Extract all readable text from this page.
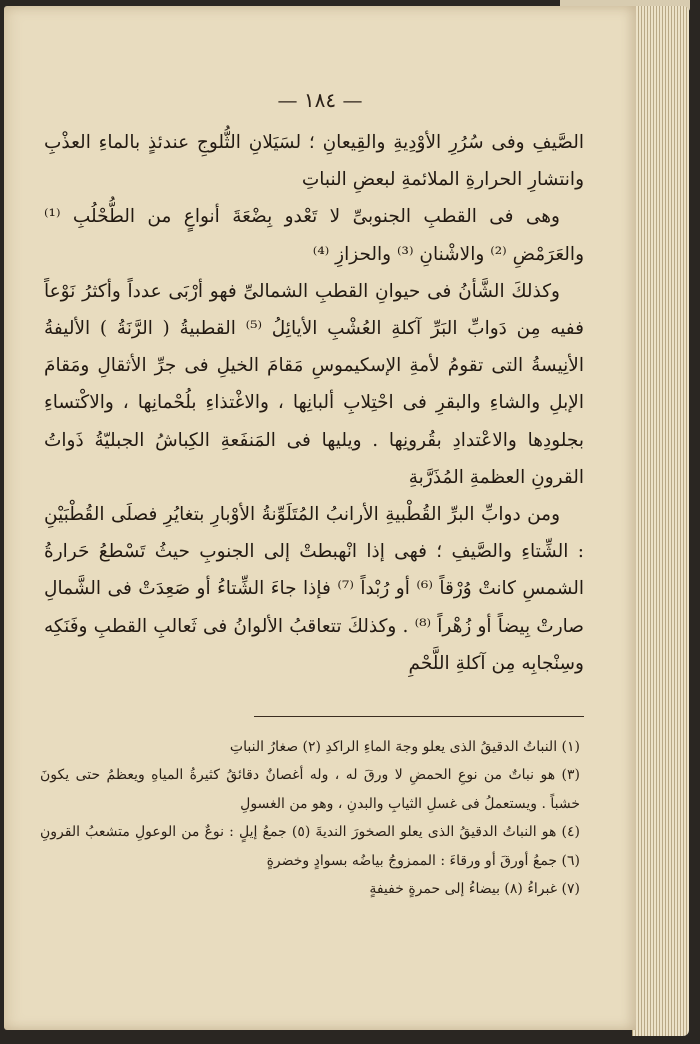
— ١٨٤ —
الصَّيفِ وفى سُرُرِ الأوْدِيةِ والقِيعانِ ؛ لسَيَلانِ الثُّلوجِ عندئذٍ بالماءِ العذْبِ وانتشارِ الحرارةِ الملائمةِ لبعضِ النباتِ
وهى فى القطبِ الجنوبىِّ لا تَعْدو بِضْعَةَ أنواعٍ من الطُّحْلُبِ ⁽¹⁾ والعَرَمْضِ ⁽²⁾ والاشْنانِ ⁽³⁾ والحزازِ ⁽⁴⁾
وكذلكَ الشَّأنُ فى حيوانِ القطبِ الشمالىِّ فهو أرْبَى عدداً وأكثرُ نَوْعاً ففيه مِن دَوابِّ البَرِّ آكلةِ العُشْبِ الأيائِلُ ⁽⁵⁾ القطبيةُ ( الرَّنَةُ ) الأليفةُ الأنِيسةُ التى تقومُ لأمةِ الإسكيموسِ مَقامَ الخيلِ فى جرِّ الأثقالِ ومَقامَ الإبلِ والشاءِ والبقرِ فى احْتِلابِ ألبانِها ، والاغْتذاءِ بلُحْمانِها ، والاكْتساءِ بجلودِها والاعْتدادِ بقُرونِها . ويليها فى المَنفَعةِ الكِباشُ الجبليّةُ ذَواتُ القرونِ العظمةِ المُذَرَّبةِ
ومن دوابِّ البرِّ القُطْبيةِ الأرانبُ المُتَلَوِّنةُ الأوْبارِ بتغايُرِ فصلَى القُطْبَيْنِ : الشِّتاءِ والصَّيفِ ؛ فهى إذا انْهبطتْ إلى الجنوبِ حيثُ تَسْطعُ حَرارةُ الشمسِ كانتْ وُرْقاً ⁽⁶⁾ أو رُبْداً ⁽⁷⁾ فإذا جاءَ الشِّتاءُ أو صَعِدَتْ فى الشَّمالِ صارتْ بِيضاً أو زُهْراً ⁽⁸⁾ . وكذلكَ تتعاقبُ الألوانُ فى ثَعالبِ القطبِ وفَنَكِه وسِنْجابِه مِن آكلةِ اللَّحْمِ
(١) النباتُ الدقيقُ الذى يعلو وجهَ الماءِ الراكدِ (٢) صغارُ النباتِ
(٣) هو نباتٌ من نوعِ الحمضِ لا ورقَ له ، وله أغصانٌ دقائقُ كثيرةُ المياهِ ويعظمُ حتى يكونَ خشباً . ويستعملُ فى غسلِ الثيابِ والبدنِ ، وهو من الغسولِ
(٤) هو النباتُ الدقيقُ الذى يعلو الصخورَ النديةَ (٥) جمعُ إيلٍ : نوعٌ من الوعولِ متشعبُ القرونِ (٦) جمعُ أورقَ أو ورقاءَ : الممزوجُ بياضُه بسوادٍ وخضرةٍ
(٧) غبراءُ (٨) بيضاءُ إلى حمرةٍ خفيفةٍ
